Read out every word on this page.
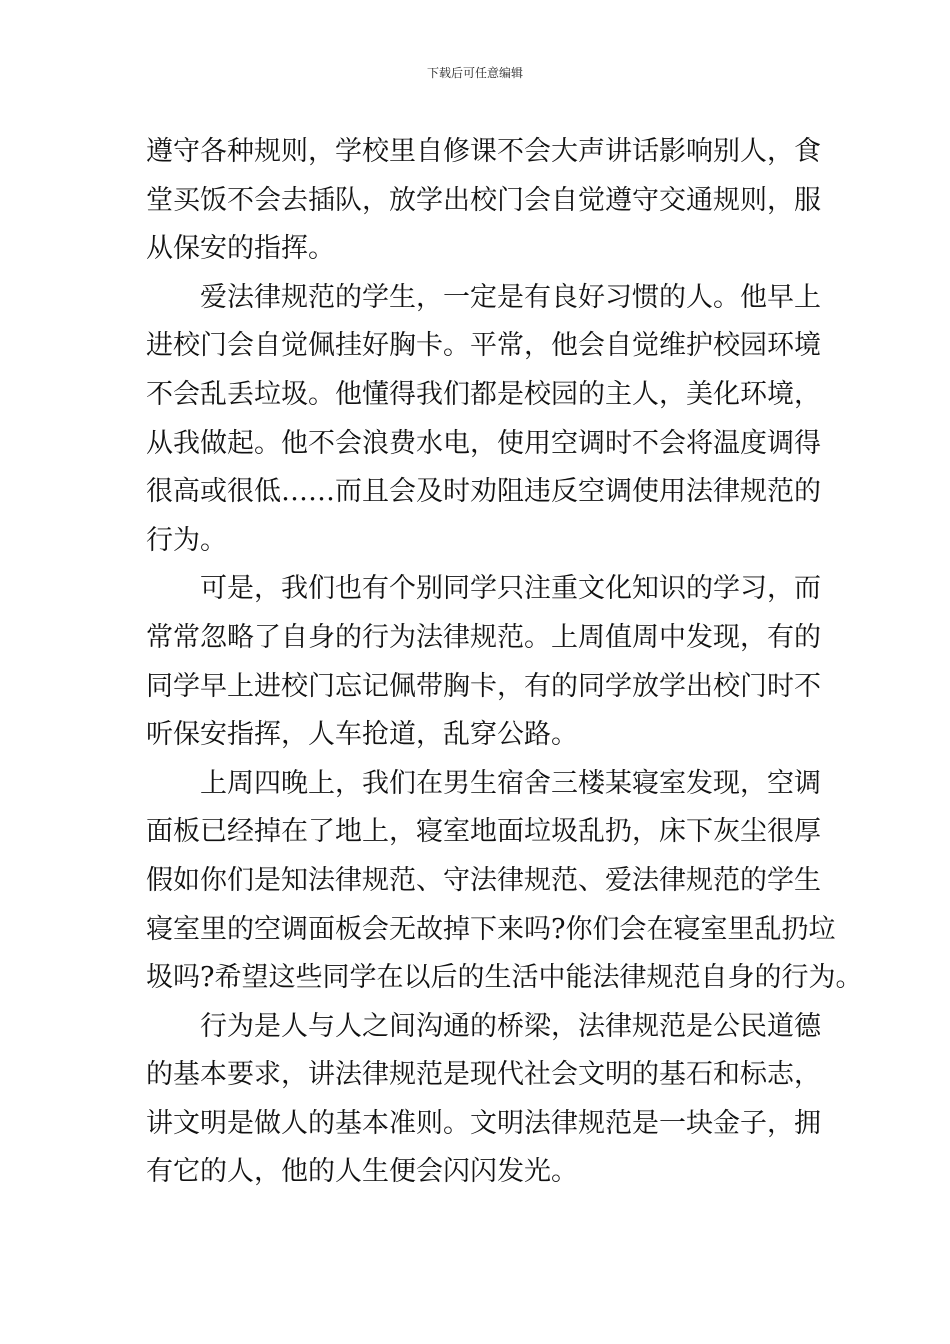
下载后可任意编辑
遵守各种规则，学校里自修课不会大声讲话影响别人，食
堂买饭不会去插队，放学出校门会自觉遵守交通规则，服
从保安的指挥。
爱法律规范的学生，一定是有良好习惯的人。他早上
进校门会自觉佩挂好胸卡。平常，他会自觉维护校园环境
不会乱丢垃圾。他懂得我们都是校园的主人，美化环境，
从我做起。他不会浪费水电，使用空调时不会将温度调得
很高或很低……而且会及时劝阻违反空调使用法律规范的
行为。
可是，我们也有个别同学只注重文化知识的学习，而
常常忽略了自身的行为法律规范。上周值周中发现，有的
同学早上进校门忘记佩带胸卡，有的同学放学出校门时不
听保安指挥，人车抢道，乱穿公路。
上周四晚上，我们在男生宿舍三楼某寝室发现，空调
面板已经掉在了地上，寝室地面垃圾乱扔，床下灰尘很厚
假如你们是知法律规范、守法律规范、爱法律规范的学生
寝室里的空调面板会无故掉下来吗?你们会在寝室里乱扔垃
圾吗?希望这些同学在以后的生活中能法律规范自身的行为。
行为是人与人之间沟通的桥梁，法律规范是公民道德
的基本要求，讲法律规范是现代社会文明的基石和标志，
讲文明是做人的基本准则。文明法律规范是一块金子，拥
有它的人，他的人生便会闪闪发光。
